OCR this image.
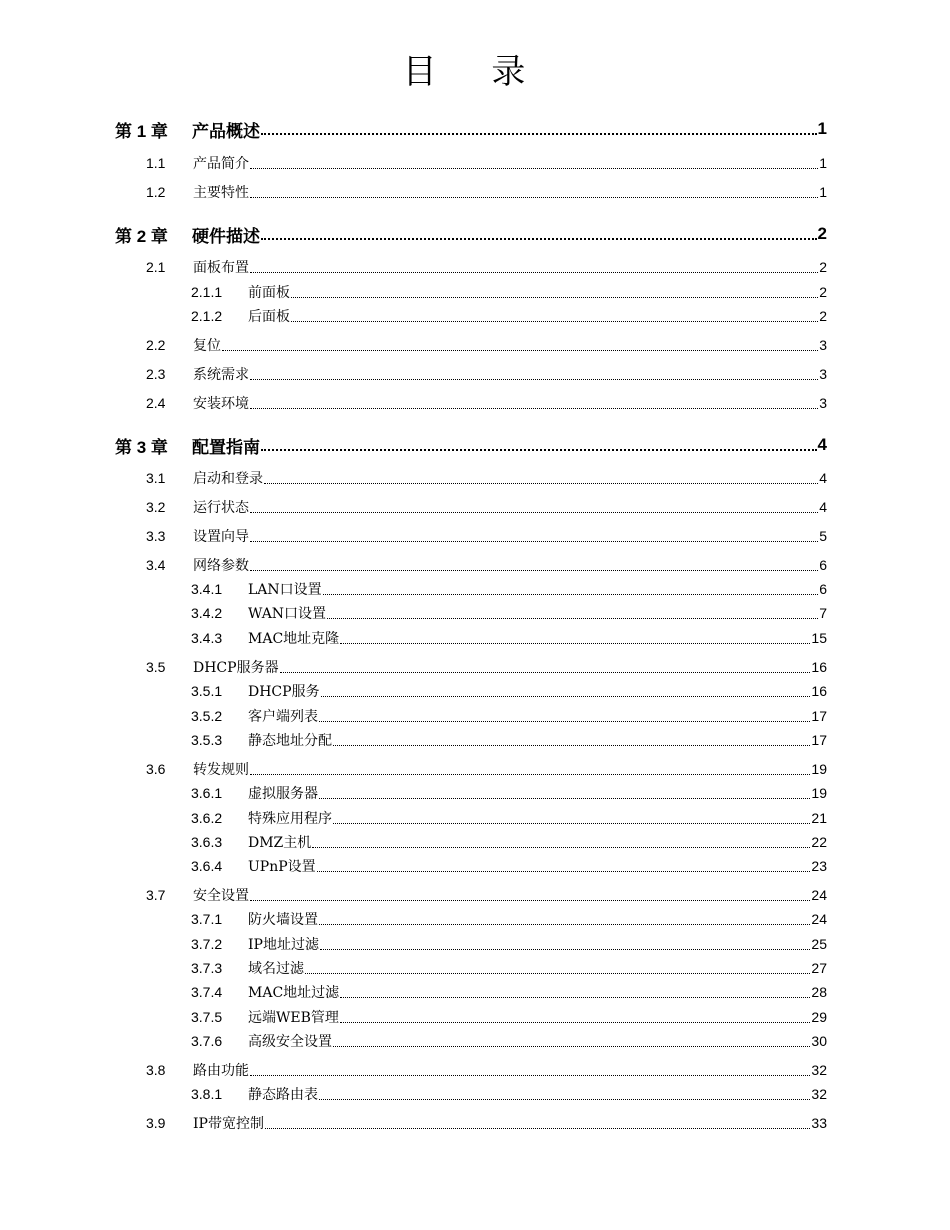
目 录
第 1 章 产品概述	1
1.1 产品简介	1
1.2 主要特性	1
第 2 章 硬件描述	2
2.1 面板布置	2
2.1.1 前面板	2
2.1.2 后面板	2
2.2 复位	3
2.3 系统需求	3
2.4 安装环境	3
第 3 章 配置指南	4
3.1 启动和登录	4
3.2 运行状态	4
3.3 设置向导	5
3.4 网络参数	6
3.4.1 LAN口设置	6
3.4.2 WAN口设置	7
3.4.3 MAC地址克隆	15
3.5 DHCP服务器	16
3.5.1 DHCP服务	16
3.5.2 客户端列表	17
3.5.3 静态地址分配	17
3.6 转发规则	19
3.6.1 虚拟服务器	19
3.6.2 特殊应用程序	21
3.6.3 DMZ主机	22
3.6.4 UPnP设置	23
3.7 安全设置	24
3.7.1 防火墙设置	24
3.7.2 IP地址过滤	25
3.7.3 域名过滤	27
3.7.4 MAC地址过滤	28
3.7.5 远端WEB管理	29
3.7.6 高级安全设置	30
3.8 路由功能	32
3.8.1 静态路由表	32
3.9 IP带宽控制	33
